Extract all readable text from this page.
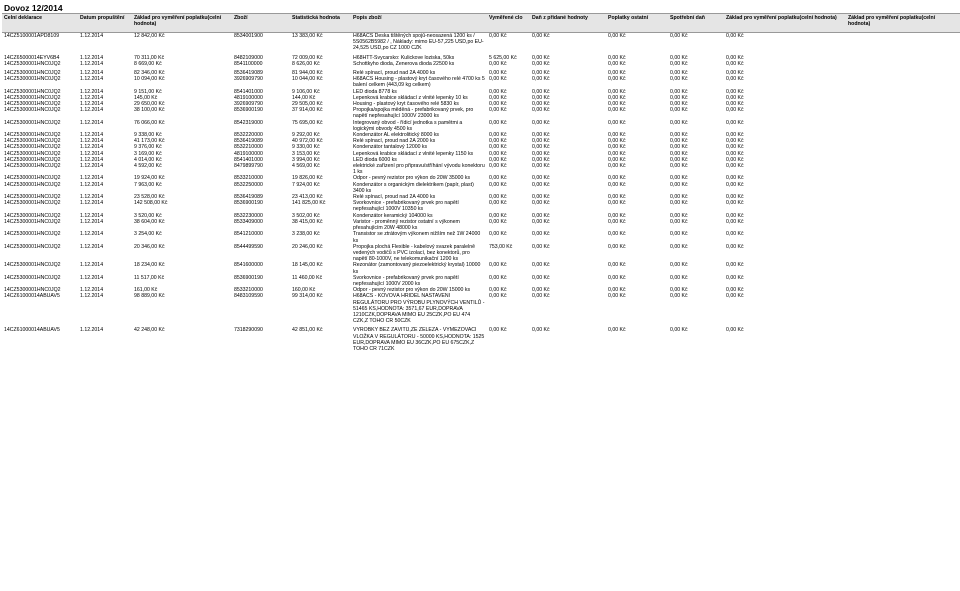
Dovoz 12/2014
Celní deklarace	Datum propuštění	Základ pro vyměření poplatku(celní hodnota)	Zboží	Statistická hodnota	Popis zboží	Vyměřené clo	Daň z přidané hodnoty	Poplatky ostatní	Spotřební daň	Základ pro vyměření poplatku(celní hodnota)	Základ pro vyměření poplatku(celní hodnota)
14CZ5100001APD8109	1.12.2014	12 842,00 Kč	8534001900	13 383,00 Kč	H68ACS Deska tištěných spojů-neosazená 1200 ks / 5S0562B5982 / , Náklady: mimo EU-57,225 USD,po EU- 24,525 USD,po CZ 1000 CZK	0,00 Kč	0,00 Kč	0,00 Kč	0,00 Kč	0,00 Kč	
14CZ65000014EYV6B4	1.12.2014	70 311,00 Kč	8482109000	72 009,00 Kč	H68HTT-Švycarsko: Kulickove loziska, 50ks	5 625,00 Kč	0,00 Kč	0,00 Kč	0,00 Kč	0,00 Kč	
14CZ5300001HNC0JQ2	1.12.2014	8 669,00 Kč	8541100000	8 626,00 Kč	Schottkyho dioda, Zenerova dioda 22500 ks	0,00 Kč	0,00 Kč	0,00 Kč	0,00 Kč	0,00 Kč	
14CZ5300001HNC0JQ2	1.12.2014	82 346,00 Kč	8536419089	81 944,00 Kč	Relé spínací, proud nad 2A 4000 ks	0,00 Kč	0,00 Kč	0,00 Kč	0,00 Kč	0,00 Kč	
14CZ5300001HNC0JQ2	1.12.2014	10 094,00 Kč	3926909790	10 044,00 Kč	H68ACS Housing - plastový kryt časového relé 4700 ks 5 balení celkem (443,09 kg celkem)	0,00 Kč	0,00 Kč	0,00 Kč	0,00 Kč	0,00 Kč	
14CZ5300001HNC0JQ2	1.12.2014	9 151,00 Kč	8541401000	9 106,00 Kč	LED dioda 8778 ks	0,00 Kč	0,00 Kč	0,00 Kč	0,00 Kč	0,00 Kč	
14CZ5300001HNC0JQ2	1.12.2014	145,00 Kč	4819100000	144,00 Kč	Lepenková krabice skládací z vlnité lepenky 10 ks	0,00 Kč	0,00 Kč	0,00 Kč	0,00 Kč	0,00 Kč	
14CZ5300001HNC0JQ2	1.12.2014	29 650,00 Kč	3926909790	29 505,00 Kč	Housing - plastový kryt časového relé 5830 ks	0,00 Kč	0,00 Kč	0,00 Kč	0,00 Kč	0,00 Kč	
14CZ5300001HNC0JQ2	1.12.2014	38 100,00 Kč	8536900190	37 914,00 Kč	Propojka/spojka měděná - prefabrikovaný prvek, pro napětí nepřesahující 1000V 23000 ks	0,00 Kč	0,00 Kč	0,00 Kč	0,00 Kč	0,00 Kč	
14CZ5300001HNC0JQ2	1.12.2014	76 066,00 Kč	8542319000	75 695,00 Kč	Integrovaný obvod - řídicí jednotka s pamětmi a logickými obvody 4500 ks	0,00 Kč	0,00 Kč	0,00 Kč	0,00 Kč	0,00 Kč	
14CZ5300001HNC0JQ2	1.12.2014	9 338,00 Kč	8532220000	9 292,00 Kč	Kondenzátor AL elektrolitický 8000 ks	0,00 Kč	0,00 Kč	0,00 Kč	0,00 Kč	0,00 Kč	
14CZ5300001HNC0JQ2	1.12.2014	41 173,00 Kč	8536419089	40 972,00 Kč	Relé spínací, proud nad 2A 2000 ks	0,00 Kč	0,00 Kč	0,00 Kč	0,00 Kč	0,00 Kč	
14CZ5300001HNC0JQ2	1.12.2014	9 376,00 Kč	8532210000	9 330,00 Kč	Kondenzátor tantalový 12000 ks	0,00 Kč	0,00 Kč	0,00 Kč	0,00 Kč	0,00 Kč	
14CZ5300001HNC0JQ2	1.12.2014	3 169,00 Kč	4819100000	3 153,00 Kč	Lepenková krabice skládací z vlnité lepenky 1150 ks	0,00 Kč	0,00 Kč	0,00 Kč	0,00 Kč	0,00 Kč	
14CZ5300001HNC0JQ2	1.12.2014	4 014,00 Kč	8541401000	3 994,00 Kč	LED dioda 6000 ks	0,00 Kč	0,00 Kč	0,00 Kč	0,00 Kč	0,00 Kč	
14CZ5300001HNC0JQ2	1.12.2014	4 592,00 Kč	8479899790	4 569,00 Kč	elektrické zařízení pro připravu/stříhání vývodu konektoru 1 ks	0,00 Kč	0,00 Kč	0,00 Kč	0,00 Kč	0,00 Kč	
14CZ5300001HNC0JQ2	1.12.2014	19 924,00 Kč	8533210000	19 826,00 Kč	Odpor - pevný rezistor pro výkon do 20W 35000 ks	0,00 Kč	0,00 Kč	0,00 Kč	0,00 Kč	0,00 Kč	
14CZ5300001HNC0JQ2	1.12.2014	7 963,00 Kč	8532250000	7 924,00 Kč	Kondenzátor s organickým dielektrikem (papír, plast) 3400 ks	0,00 Kč	0,00 Kč	0,00 Kč	0,00 Kč	0,00 Kč	
14CZ5300001HNC0JQ2	1.12.2014	23 528,00 Kč	8536419089	23 413,00 Kč	Relé spínací, proud nad 2A 4000 ks	0,00 Kč	0,00 Kč	0,00 Kč	0,00 Kč	0,00 Kč	
14CZ5300001HNC0JQ2	1.12.2014	142 508,00 Kč	8536900190	141 825,00 Kč	Svorkovnice - prefabrikovaný prvek pro napětí nepřesahující 1000V 10350 ks	0,00 Kč	0,00 Kč	0,00 Kč	0,00 Kč	0,00 Kč	
14CZ5300001HNC0JQ2	1.12.2014	3 520,00 Kč	8532230000	3 502,00 Kč	Kondenzátor keramický 104000 ks	0,00 Kč	0,00 Kč	0,00 Kč	0,00 Kč	0,00 Kč	
14CZ5300001HNC0JQ2	1.12.2014	38 604,00 Kč	8533409000	38 415,00 Kč	Varistor - proměnný rezistor ostatní s výkonem přesahujícím 20W 48000 ks	0,00 Kč	0,00 Kč	0,00 Kč	0,00 Kč	0,00 Kč	
14CZ5300001HNC0JQ2	1.12.2014	3 254,00 Kč	8541210000	3 238,00 Kč	Transistor se ztrátovým výkonem nižším než 1W 24000 ks	0,00 Kč	0,00 Kč	0,00 Kč	0,00 Kč	0,00 Kč	
14CZ5300001HNC0JQ2	1.12.2014	20 346,00 Kč	8544499590	20 246,00 Kč	Propojka plochá Flexible - kabelový svazek paralelně vedených vodičů s PVC izolací, bez konektorů, pro napětí 80-1000V, ne telekomunikační 1200 ks	753,00 Kč	0,00 Kč	0,00 Kč	0,00 Kč	0,00 Kč	
14CZ5300001HNC0JQ2	1.12.2014	18 234,00 Kč	8541600000	18 145,00 Kč	Rezonátor (zamontovaný piezoelektrický krystal) 10000 ks	0,00 Kč	0,00 Kč	0,00 Kč	0,00 Kč	0,00 Kč	
14CZ5300001HNC0JQ2	1.12.2014	11 517,00 Kč	8536900190	11 460,00 Kč	Svorkovnice - prefabrikovaný prvek pro napětí nepřesahující 1000V 2000 ks	0,00 Kč	0,00 Kč	0,00 Kč	0,00 Kč	0,00 Kč	
14CZ5300001HNC0JQ2	1.12.2014	161,00 Kč	8533210000	160,00 Kč	Odpor - pevný rezistor pro výkon do 20W 15000 ks	0,00 Kč	0,00 Kč	0,00 Kč	0,00 Kč	0,00 Kč	
14CZ61000014ABUAV5	1.12.2014	98 889,00 Kč	8483109590	99 314,00 Kč	H68ACS - KOVOVÁ HŘÍDEL NASTAVENÍ REGULÁTORU PRO VÝROBU PLYNOVÝCH VENTILŮ - 51465 KS,HODNOTA: 3571,67 EUR,DOPRAVA 1210CZK,DOPRAVA MIMO EU 25CZK,PO EU 474 CZK,Z TOHO CR 50CZK	0,00 Kč	0,00 Kč	0,00 Kč	0,00 Kč	0,00 Kč	
14CZ61000014ABUAV5	1.12.2014	42 248,00 Kč	7318290090	42 851,00 Kč	VÝROBKY BEZ ZÁVITŮ,ZE ŽELEZA - VYMEZOVACÍ VLOŽKA V REGULÁTORU - 50000 KS,HODNOTA: 1525 EUR,DOPRAVA MIMO EU 36CZK,PO EU 675CZK,Z TOHO CR 71CZK	0,00 Kč	0,00 Kč	0,00 Kč	0,00 Kč	0,00 Kč	
